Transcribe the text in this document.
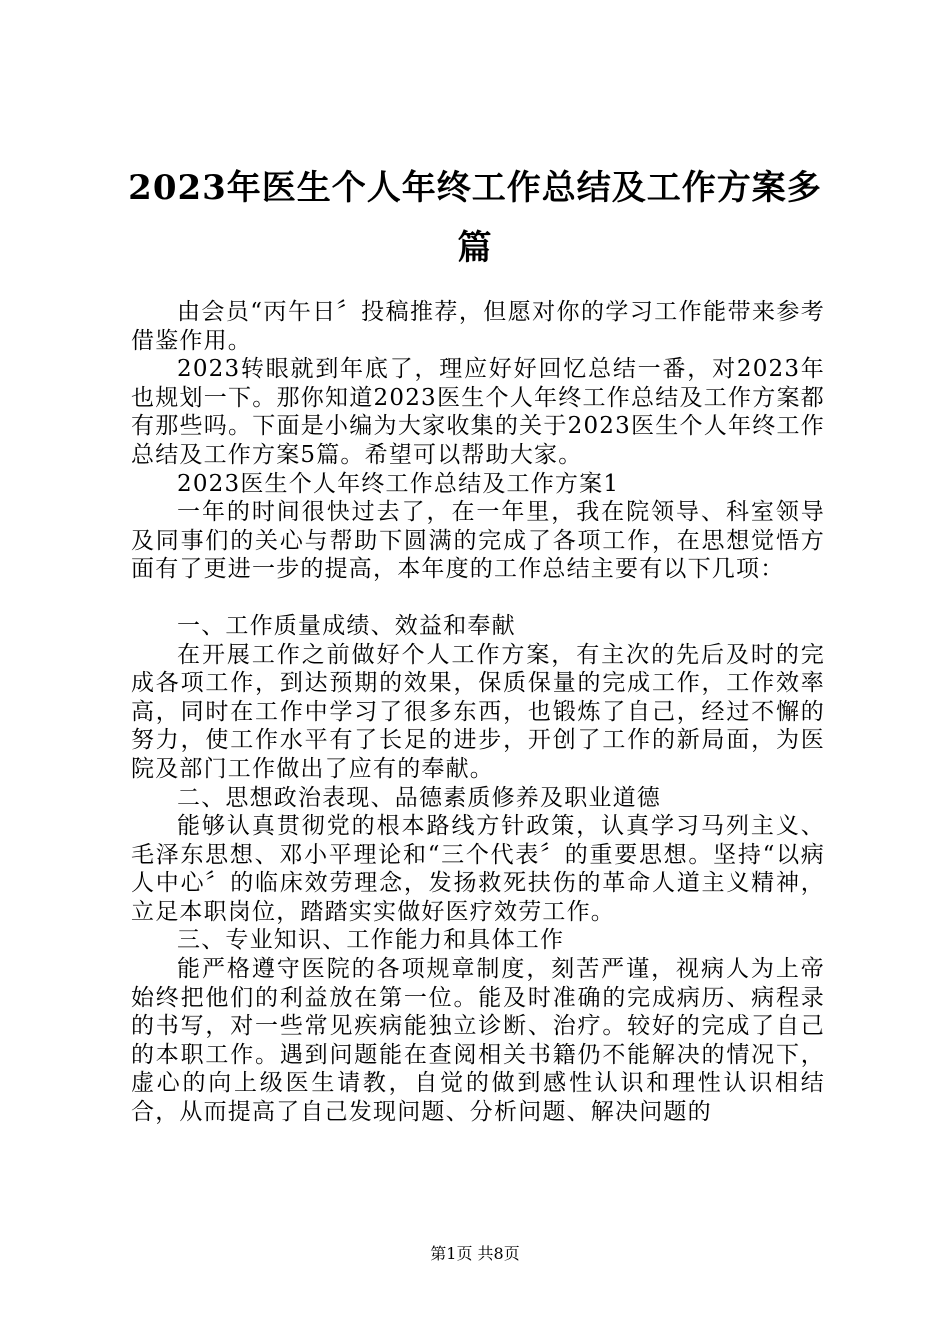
2023年医生个人年终工作总结及工作方案多篇

由会员“丙午日〞投稿推荐，但愿对你的学习工作能带来参考借鉴作用。

2023转眼就到年底了，理应好好回忆总结一番，对2023年也规划一下。那你知道2023医生个人年终工作总结及工作方案都有那些吗。下面是小编为大家收集的关于2023医生个人年终工作总结及工作方案5篇。希望可以帮助大家。

2023医生个人年终工作总结及工作方案1

一年的时间很快过去了，在一年里，我在院领导、科室领导及同事们的关心与帮助下圆满的完成了各项工作，在思想觉悟方面有了更进一步的提高，本年度的工作总结主要有以下几项：

一、工作质量成绩、效益和奉献

在开展工作之前做好个人工作方案，有主次的先后及时的完成各项工作，到达预期的效果，保质保量的完成工作，工作效率高，同时在工作中学习了很多东西，也锻炼了自己，经过不懈的努力，使工作水平有了长足的进步，开创了工作的新局面，为医院及部门工作做出了应有的奉献。

二、思想政治表现、品德素质修养及职业道德

能够认真贯彻党的根本路线方针政策，认真学习马列主义、毛泽东思想、邓小平理论和“三个代表〞的重要思想。坚持“以病人中心〞的临床效劳理念，发扬救死扶伤的革命人道主义精神，立足本职岗位，踏踏实实做好医疗效劳工作。

三、专业知识、工作能力和具体工作

能严格遵守医院的各项规章制度，刻苦严谨，视病人为上帝始终把他们的利益放在第一位。能及时准确的完成病历、病程录的书写，对一些常见疾病能独立诊断、治疗。较好的完成了自己的本职工作。遇到问题能在查阅相关书籍仍不能解决的情况下，虚心的向上级医生请教，自觉的做到感性认识和理性认识相结合，从而提高了自己发现问题、分析问题、解决问题的

第1页 共8页
